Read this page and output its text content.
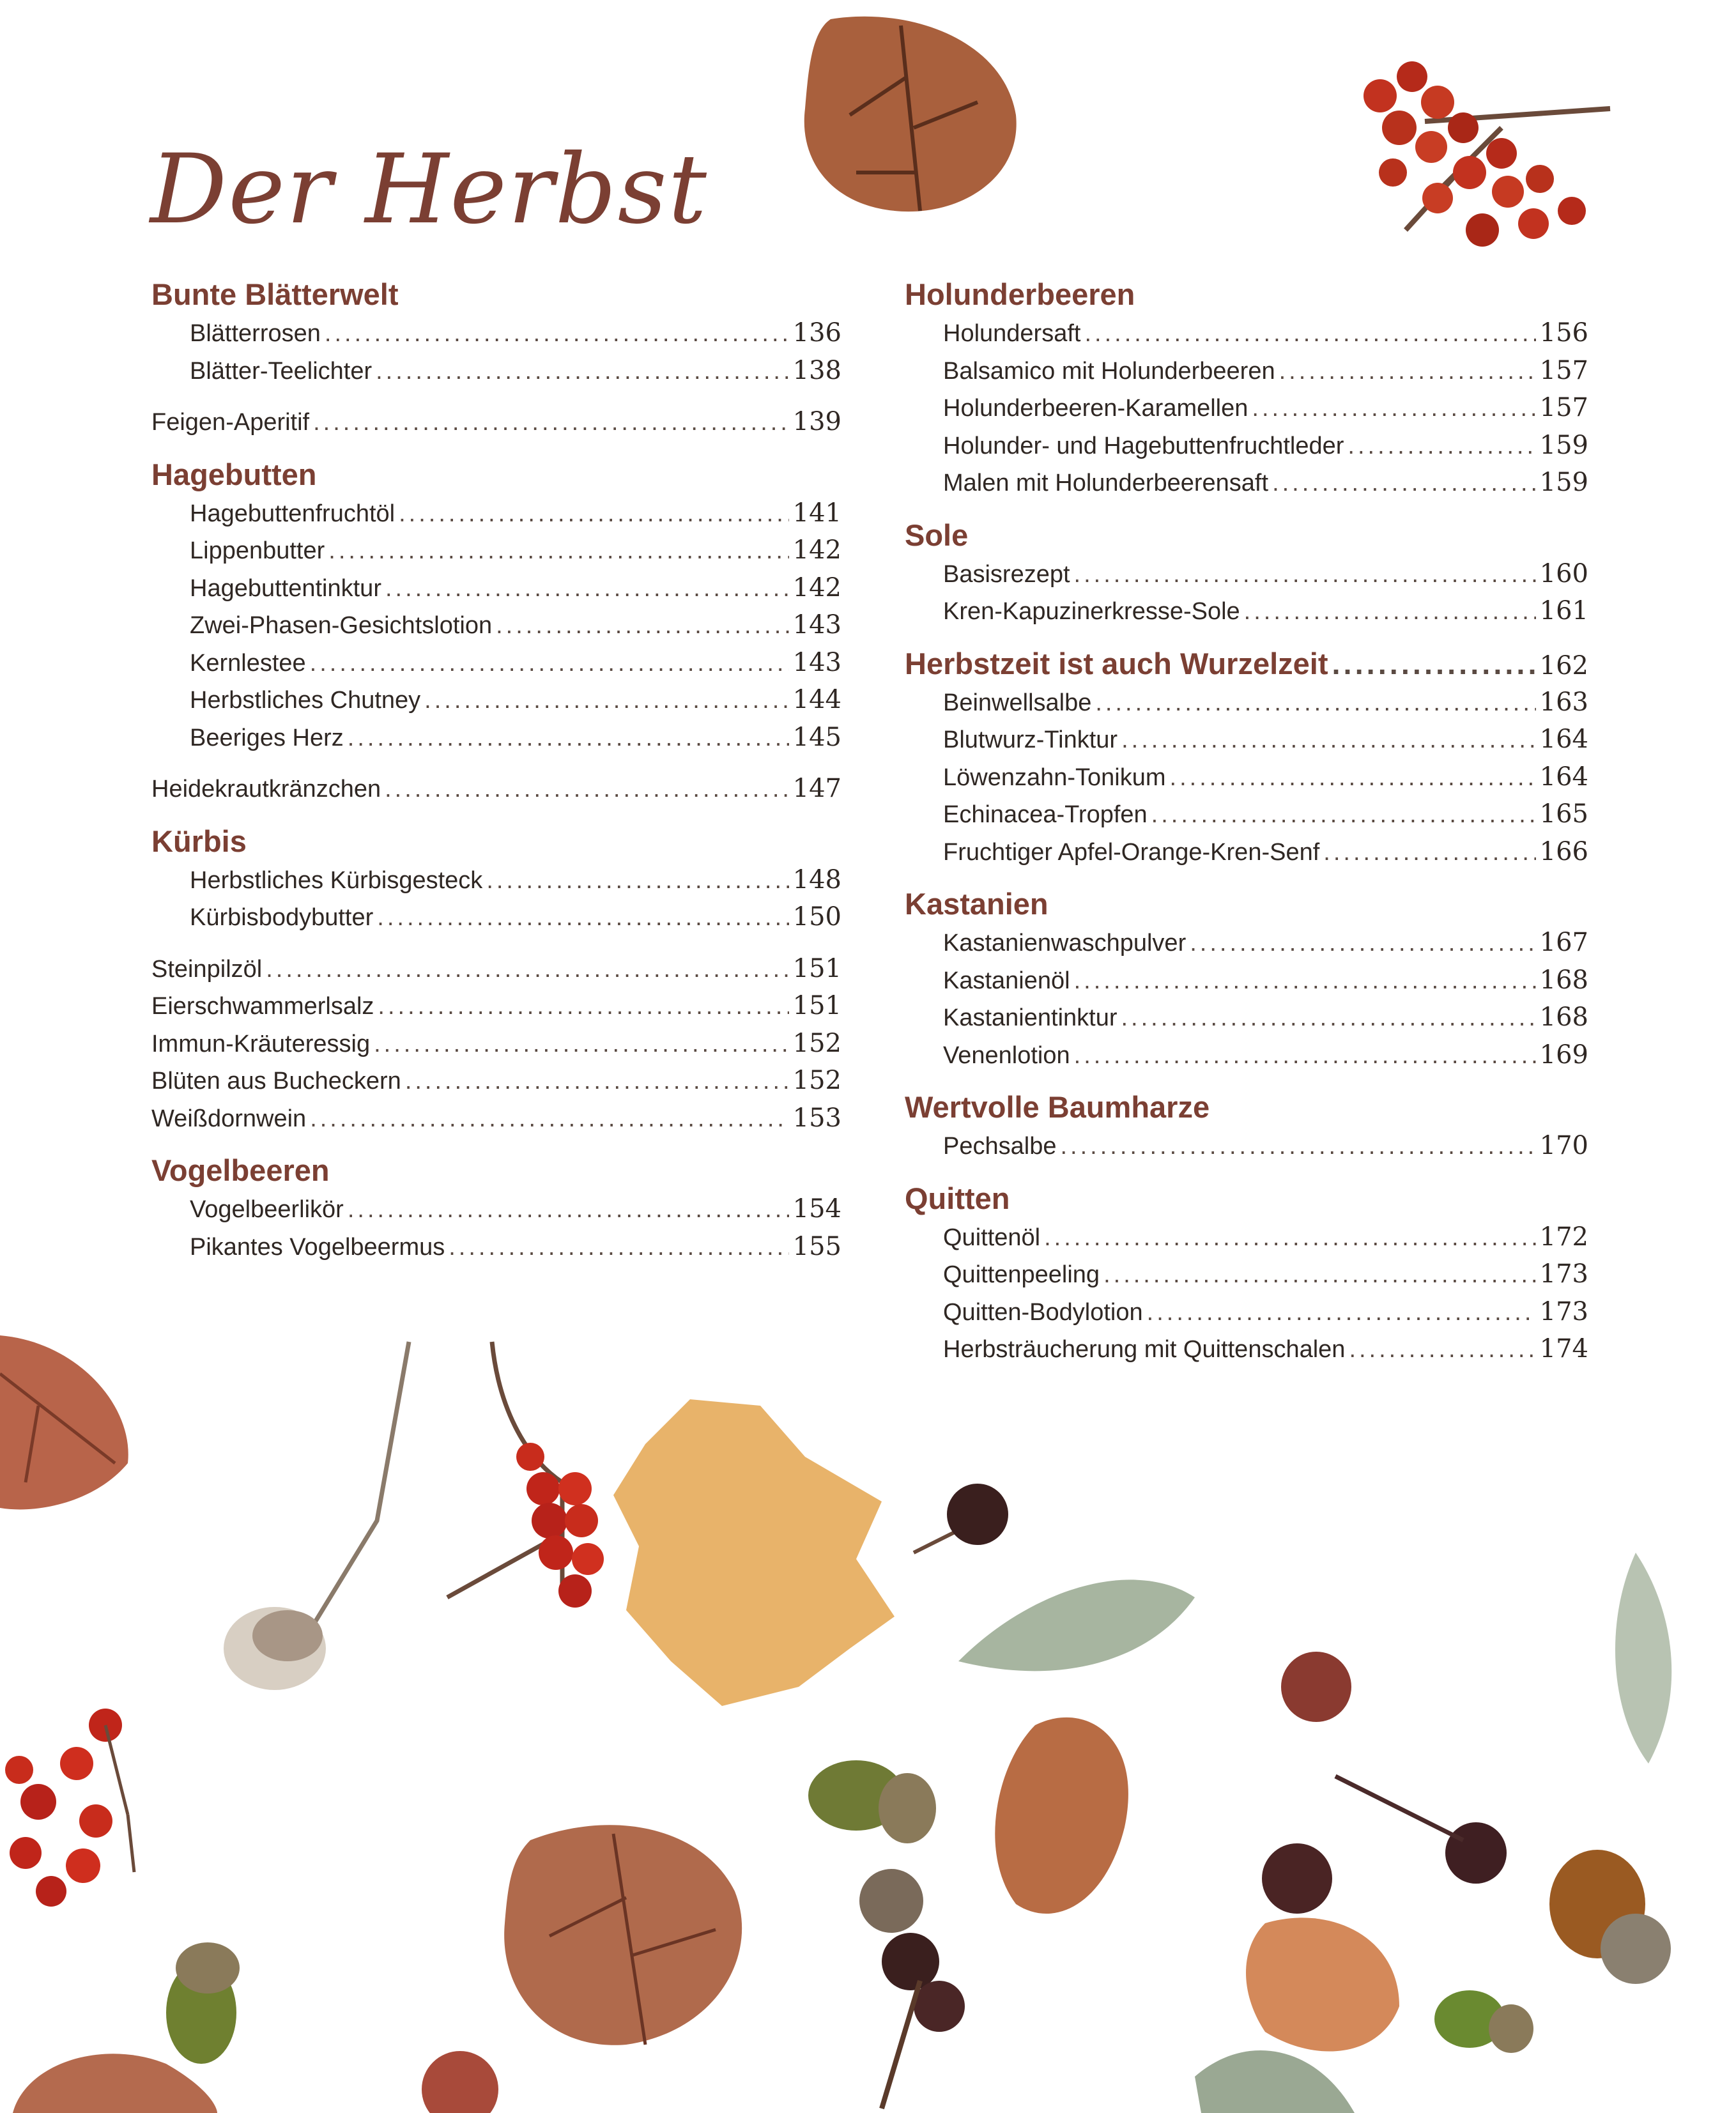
Der Herbst
Bunte Blätterwelt
Blätterrosen .....	136
Blätter-Teelichter .....	138
Feigen-Aperitif .....	139
Hagebutten
Hagebuttenfruchtöl .....	141
Lippenbutter .....	142
Hagebuttentinktur .....	142
Zwei-Phasen-Gesichtslotion .....	143
Kernlestee .....	143
Herbstliches Chutney .....	144
Beeriges Herz .....	145
Heidekrautkränzchen .....	147
Kürbis
Herbstliches Kürbisgesteck .....	148
Kürbisbodybutter .....	150
Steinpilzöl .....	151
Eierschwammerlsalz .....	151
Immun-Kräuteressig .....	152
Blüten aus Bucheckern .....	152
Weißdornwein .....	153
Vogelbeeren
Vogelbeerlikör .....	154
Pikantes Vogelbeermus .....	155
Holunderbeeren
Holundersaft .....	156
Balsamico mit Holunderbeeren .....	157
Holunderbeeren-Karamellen .....	157
Holunder- und Hagebuttenfruchtleder .....	159
Malen mit Holunderbeerensaft .....	159
Sole
Basisrezept .....	160
Kren-Kapuzinerkresse-Sole .....	161
Herbstzeit ist auch Wurzelzeit .....	162
Beinwellsalbe .....	163
Blutwurz-Tinktur .....	164
Löwenzahn-Tonikum .....	164
Echinacea-Tropfen .....	165
Fruchtiger Apfel-Orange-Kren-Senf .....	166
Kastanien
Kastanienwaschpulver .....	167
Kastanienöl .....	168
Kastanientinktur .....	168
Venenlotion .....	169
Wertvolle Baumharze
Pechsalbe .....	170
Quitten
Quittenöl .....	172
Quittenpeeling .....	173
Quitten-Bodylotion .....	173
Herbsträucherung mit Quittenschalen .....	174
